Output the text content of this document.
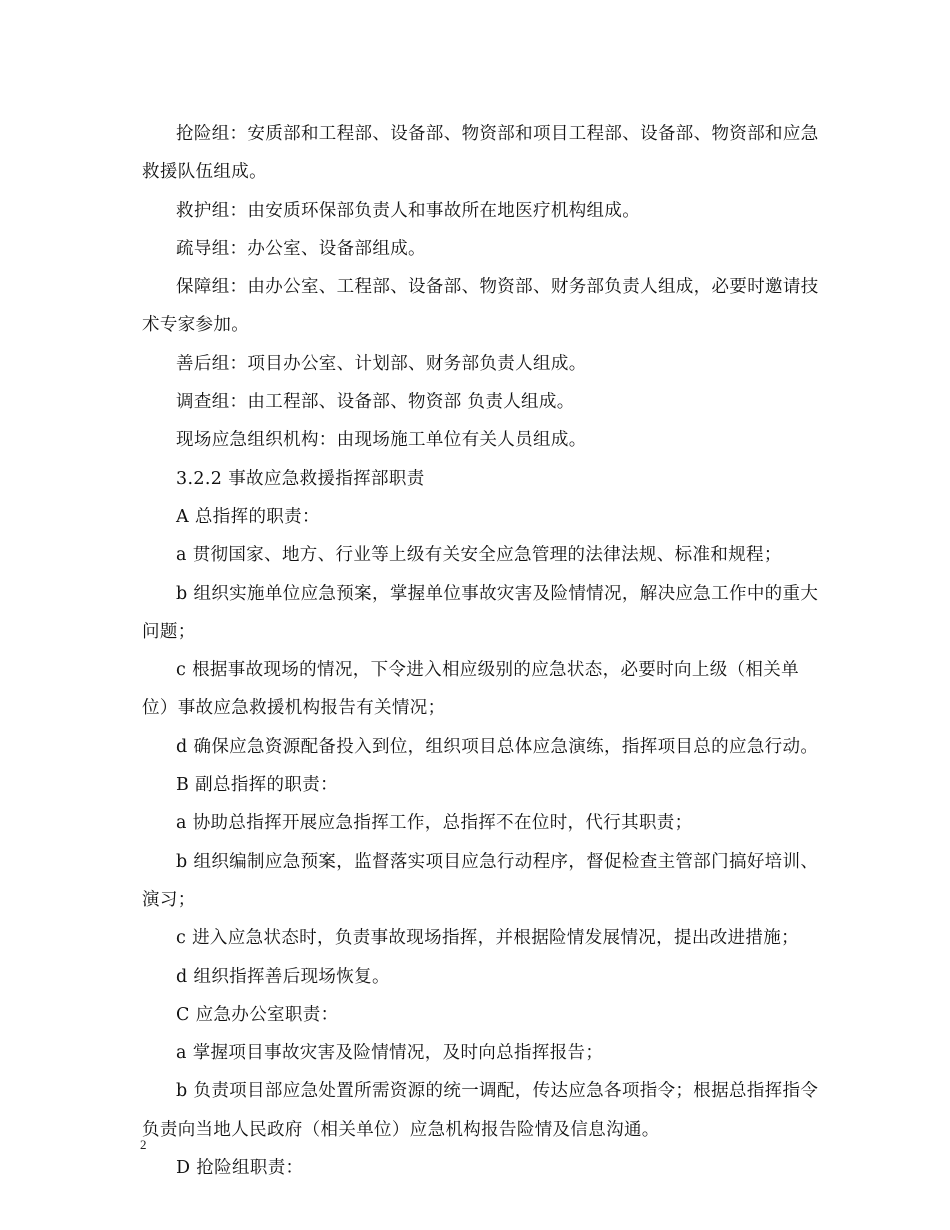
抢险组：安质部和工程部、设备部、物资部和项目工程部、设备部、物资部和应急救援队伍组成。

救护组：由安质环保部负责人和事故所在地医疗机构组成。

疏导组：办公室、设备部组成。

保障组：由办公室、工程部、设备部、物资部、财务部负责人组成，必要时邀请技术专家参加。

善后组：项目办公室、计划部、财务部负责人组成。

调查组：由工程部、设备部、物资部 负责人组成。

现场应急组织机构：由现场施工单位有关人员组成。

3.2.2 事故应急救援指挥部职责

A 总指挥的职责：

a 贯彻国家、地方、行业等上级有关安全应急管理的法律法规、标准和规程；

b 组织实施单位应急预案，掌握单位事故灾害及险情情况，解决应急工作中的重大问题；

c 根据事故现场的情况，下令进入相应级别的应急状态，必要时向上级（相关单位）事故应急救援机构报告有关情况；

d 确保应急资源配备投入到位，组织项目总体应急演练，指挥项目总的应急行动。

B 副总指挥的职责：

a 协助总指挥开展应急指挥工作，总指挥不在位时，代行其职责；

b 组织编制应急预案，监督落实项目应急行动程序，督促检查主管部门搞好培训、演习；

c 进入应急状态时，负责事故现场指挥，并根据险情发展情况，提出改进措施；

d 组织指挥善后现场恢复。

C 应急办公室职责：

a 掌握项目事故灾害及险情情况，及时向总指挥报告；

b 负责项目部应急处置所需资源的统一调配，传达应急各项指令；根据总指挥指令负责向当地人民政府（相关单位）应急机构报告险情及信息沟通。

D 抢险组职责：

2
